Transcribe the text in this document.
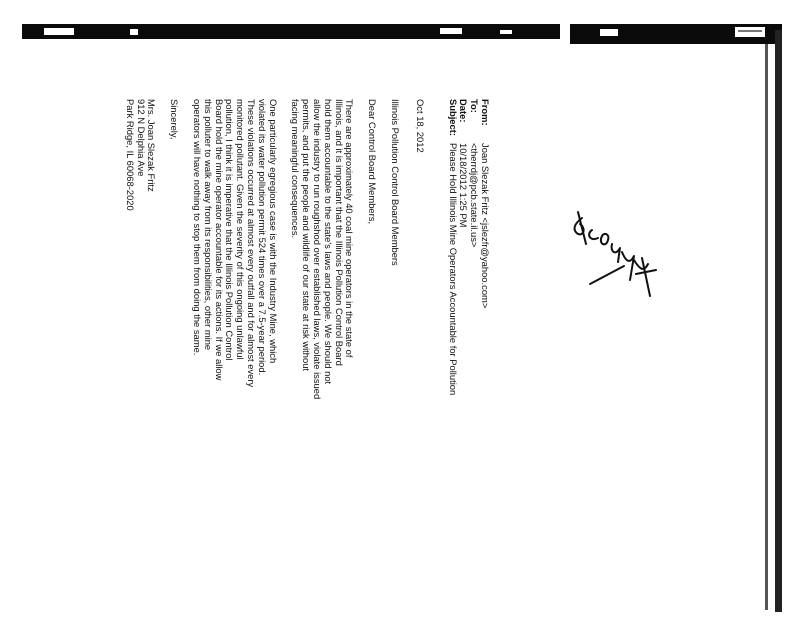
From:
Joan Slezak Fritz <jslezfr@yahoo.com>
To:
<therrdj@pcb.state.il.us>
Date:
10/18/2012 1:25 PM
Subject:
Please Hold Illinois Mine Operators Accountable for Pollution
Oct 18, 2012
Illinois Pollution Control Board Members
Dear Control Board Members,

There are approximately 40 coal mine operators in the state of
Illinois, and it is important that the Illinois Pollution Control Board
hold them accountable to the state's laws and people. We should not
allow the industry to run roughshod over established laws, violate issued
permits, and put the people and wildlife of our state at risk without
facing meaningful consequences.

One particularly egregious case is with the Industry Mine, which
violated its water pollution permit 524 times over a 7.5-year period.
These violations occurred at almost every outfall and for almost every
monitored pollutant. Given the severity of this ongoing unlawful
pollution, I think it is imperative that the Illinois Pollution Control
Board hold the mine operator accountable for its actions. If we allow
this polluter to walk away from its responsibilities, other mine
operators will have nothing to stop them from doing the same.

Sincerely,
Mrs. Joan Slezak Fritz
912 N Delphia Ave
Park Ridge, IL 60068-2020
